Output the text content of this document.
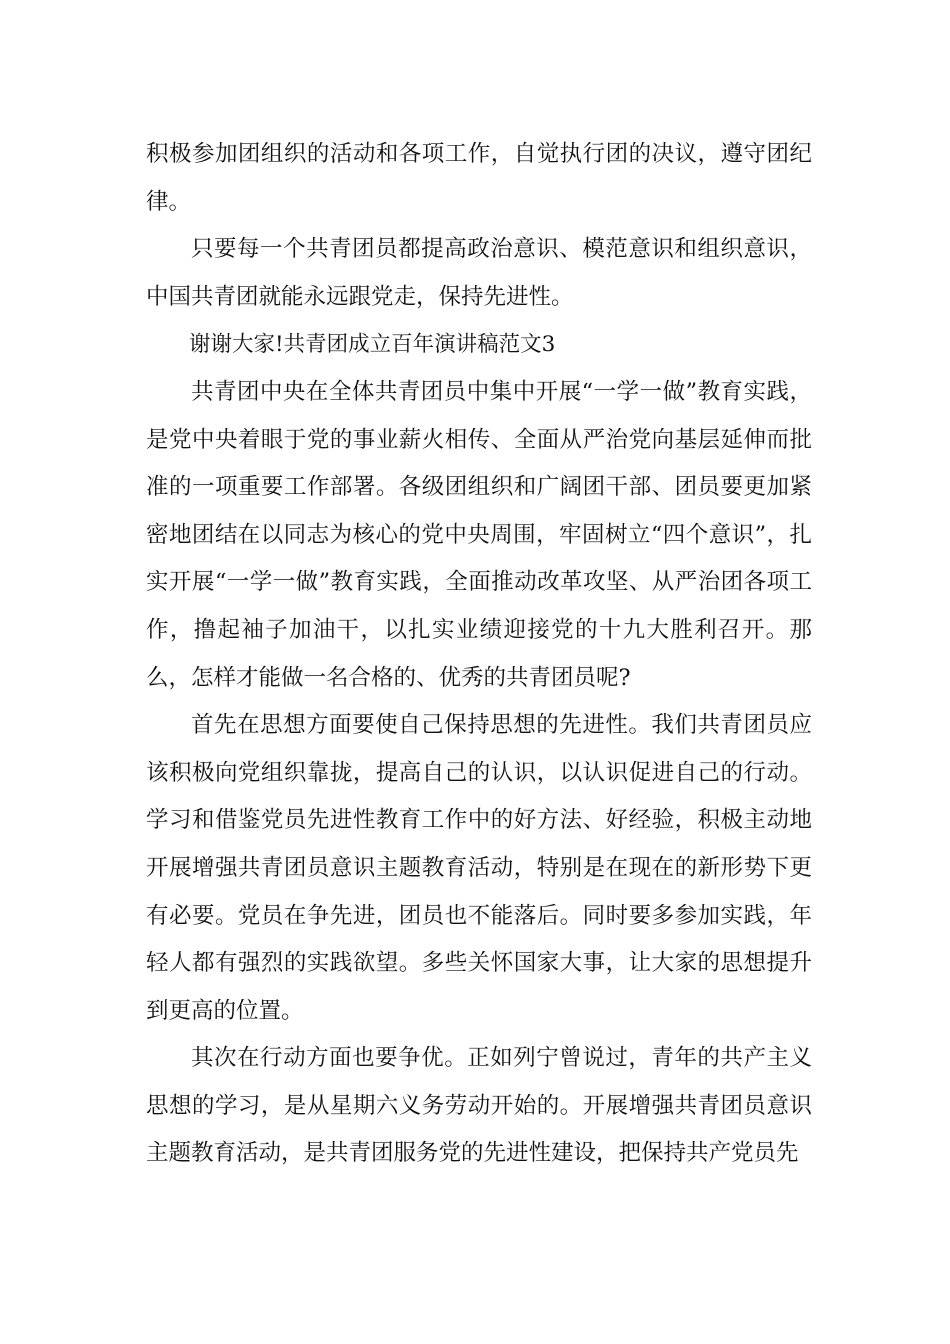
积极参加团组织的活动和各项工作，自觉执行团的决议，遵守团纪律。

只要每一个共青团员都提高政治意识、模范意识和组织意识，中国共青团就能永远跟党走，保持先进性。

谢谢大家!共青团成立百年演讲稿范文3

共青团中央在全体共青团员中集中开展“一学一做”教育实践，是党中央着眼于党的事业薪火相传、全面从严治党向基层延伸而批准的一项重要工作部署。各级团组织和广阔团干部、团员要更加紧密地团结在以同志为核心的党中央周围，牢固树立“四个意识”，扎实开展“一学一做”教育实践，全面推动改革攻坚、从严治团各项工作，撸起袖子加油干，以扎实业绩迎接党的十九大胜利召开。那么，怎样才能做一名合格的、优秀的共青团员呢?

首先在思想方面要使自己保持思想的先进性。我们共青团员应该积极向党组织靠拢，提高自己的认识，以认识促进自己的行动。学习和借鉴党员先进性教育工作中的好方法、好经验，积极主动地开展增强共青团员意识主题教育活动，特别是在现在的新形势下更有必要。党员在争先进，团员也不能落后。同时要多参加实践，年轻人都有强烈的实践欲望。多些关怀国家大事，让大家的思想提升到更高的位置。

其次在行动方面也要争优。正如列宁曾说过，青年的共产主义思想的学习，是从星期六义务劳动开始的。开展增强共青团员意识主题教育活动，是共青团服务党的先进性建设，把保持共产党员先
